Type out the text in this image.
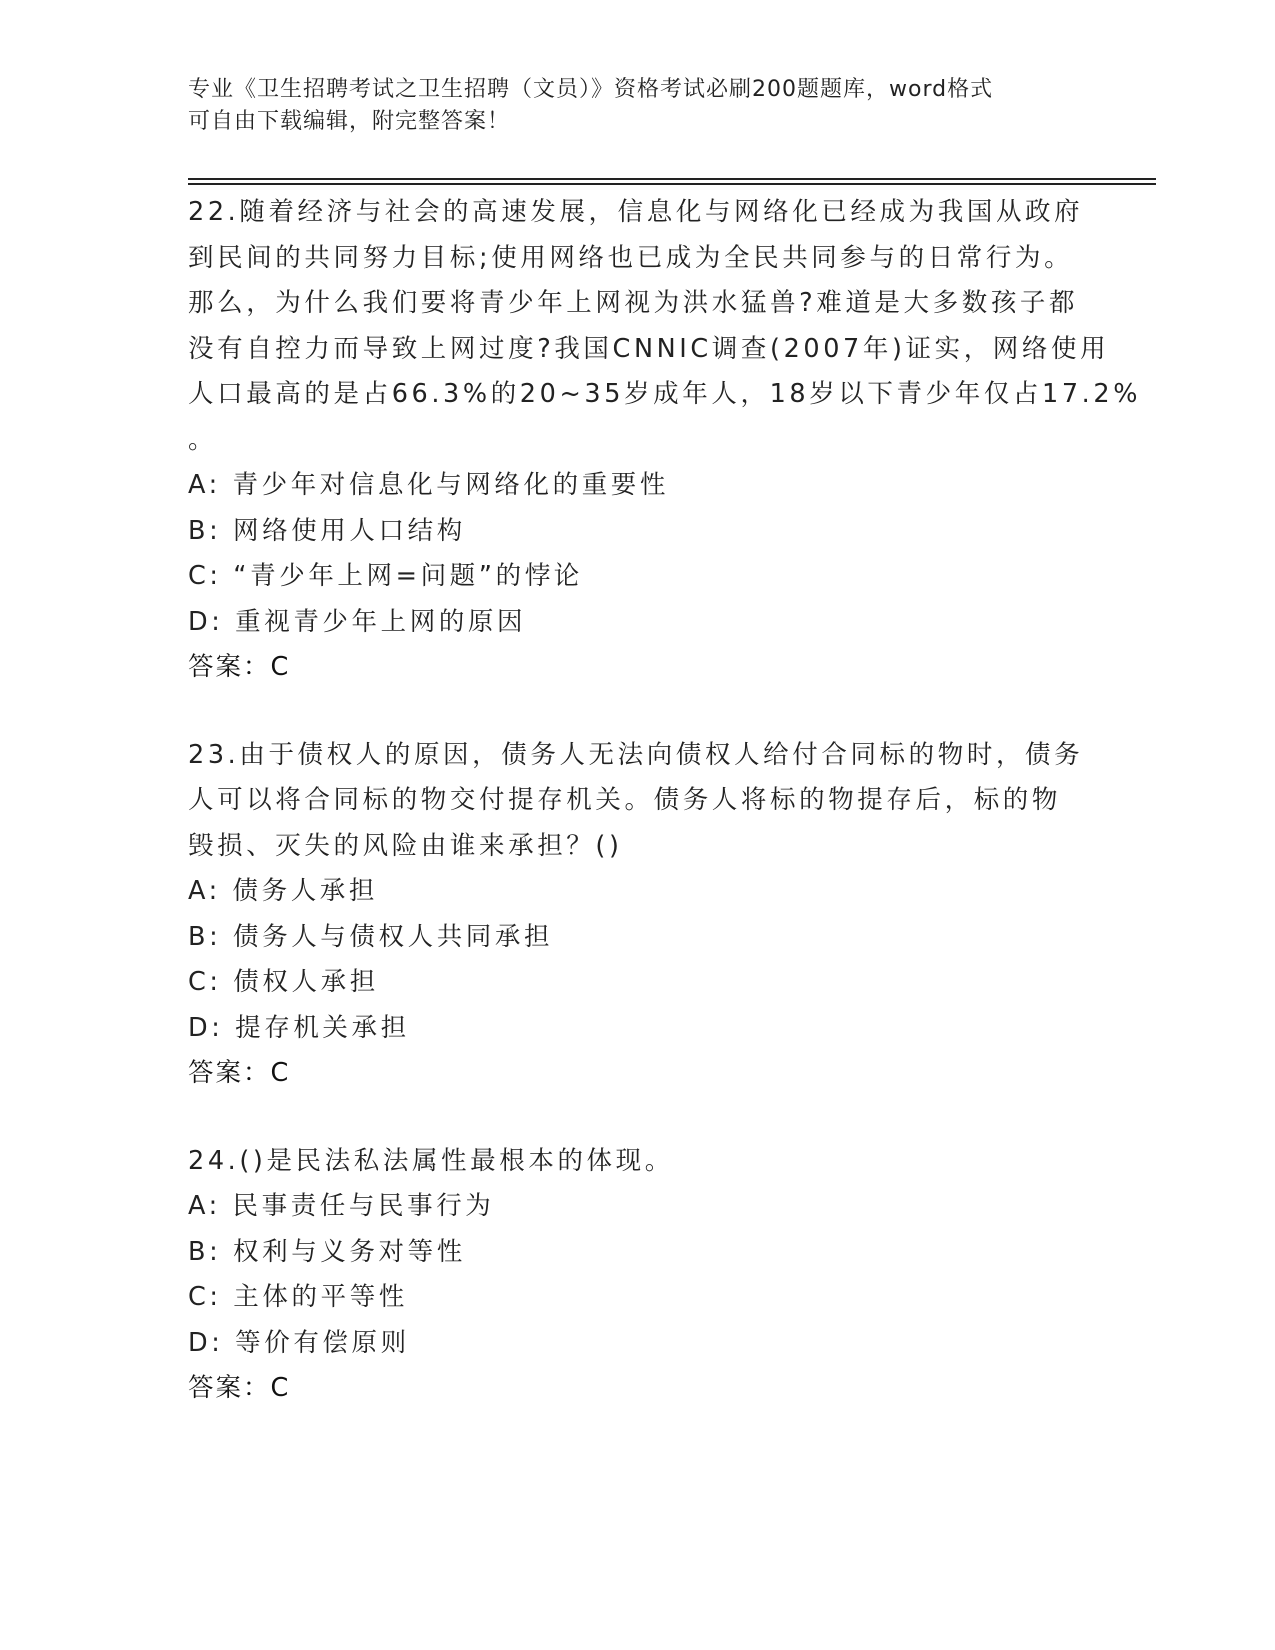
专业《卫生招聘考试之卫生招聘（文员）》资格考试必刷200题题库，word格式
可自由下载编辑，附完整答案！
22.随着经济与社会的高速发展，信息化与网络化已经成为我国从政府
到民间的共同努力目标;使用网络也已成为全民共同参与的日常行为。
那么，为什么我们要将青少年上网视为洪水猛兽?难道是大多数孩子都
没有自控力而导致上网过度?我国CNNIC调查(2007年)证实，网络使用
人口最高的是占66.3%的20~35岁成年人，18岁以下青少年仅占17.2%
。
A: 青少年对信息化与网络化的重要性
B: 网络使用人口结构
C: “青少年上网=问题”的悖论
D: 重视青少年上网的原因
答案：C
23.由于债权人的原因，债务人无法向债权人给付合同标的物时，债务
人可以将合同标的物交付提存机关。债务人将标的物提存后，标的物
毁损、灭失的风险由谁来承担？()
A: 债务人承担
B: 债务人与债权人共同承担
C: 债权人承担
D: 提存机关承担
答案：C
24.()是民法私法属性最根本的体现。
A: 民事责任与民事行为
B: 权利与义务对等性
C: 主体的平等性
D: 等价有偿原则
答案：C
